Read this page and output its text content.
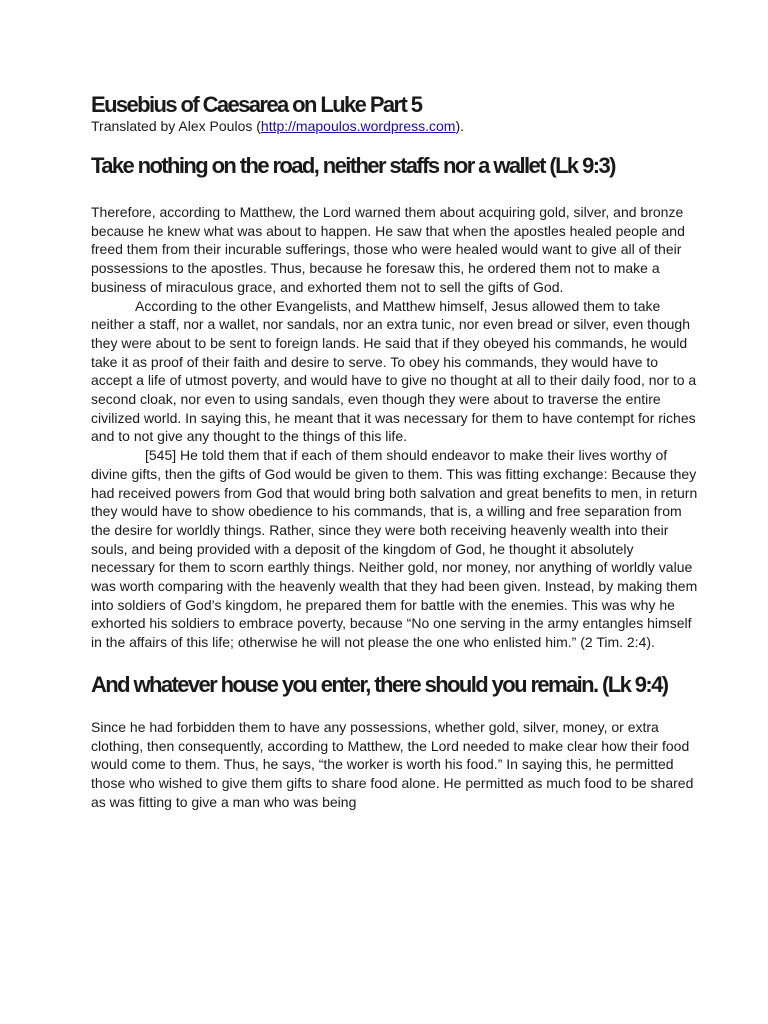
Eusebius of Caesarea on Luke Part 5

Translated by Alex Poulos (http://mapoulos.wordpress.com).

Take nothing on the road, neither staffs nor a wallet (Lk 9:3)

Therefore, according to Matthew, the Lord warned them about acquiring gold, silver, and bronze because he knew what was about to happen. He saw that when the apostles healed people and freed them from their incurable sufferings, those who were healed would want to give all of their possessions to the apostles. Thus, because he foresaw this, he ordered them not to make a business of miraculous grace, and exhorted them not to sell the gifts of God.

According to the other Evangelists, and Matthew himself, Jesus allowed them to take neither a staff, nor a wallet, nor sandals, nor an extra tunic, nor even bread or silver, even though they were about to be sent to foreign lands. He said that if they obeyed his commands, he would take it as proof of their faith and desire to serve. To obey his commands, they would have to accept a life of utmost poverty, and would have to give no thought at all to their daily food, nor to a second cloak, nor even to using sandals, even though they were about to traverse the entire civilized world. In saying this, he meant that it was necessary for them to have contempt for riches and to not give any thought to the things of this life.

[545] He told them that if each of them should endeavor to make their lives worthy of divine gifts, then the gifts of God would be given to them. This was fitting exchange: Because they had received powers from God that would bring both salvation and great benefits to men, in return they would have to show obedience to his commands, that is, a willing and free separation from the desire for worldly things. Rather, since they were both receiving heavenly wealth into their souls, and being provided with a deposit of the kingdom of God, he thought it absolutely necessary for them to scorn earthly things. Neither gold, nor money, nor anything of worldly value was worth comparing with the heavenly wealth that they had been given. Instead, by making them into soldiers of God’s kingdom, he prepared them for battle with the enemies. This was why he exhorted his soldiers to embrace poverty, because “No one serving in the army entangles himself in the affairs of this life; otherwise he will not please the one who enlisted him.” (2 Tim. 2:4).

And whatever house you enter, there should you remain. (Lk 9:4)

Since he had forbidden them to have any possessions, whether gold, silver, money, or extra clothing, then consequently, according to Matthew, the Lord needed to make clear how their food would come to them. Thus, he says, “the worker is worth his food.” In saying this, he permitted those who wished to give them gifts to share food alone. He permitted as much food to be shared as was fitting to give a man who was being
